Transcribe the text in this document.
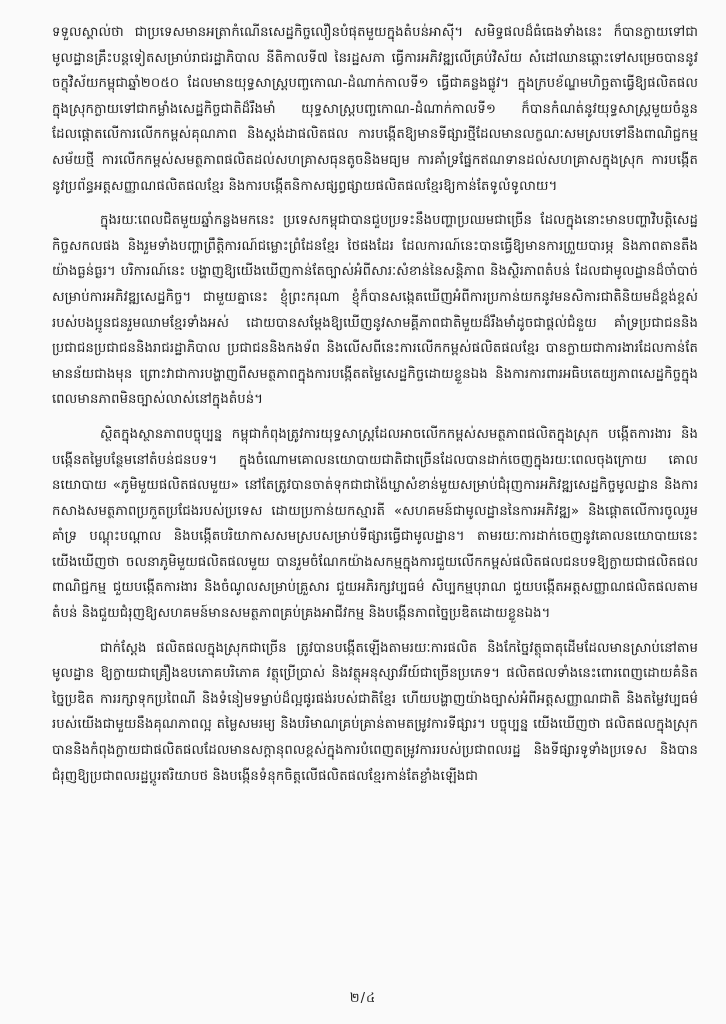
ទទួលស្គាល់ថា ជាប្រទេសមានអត្រាកំណើនសេដ្ឋកិច្ចលឿនបំផុតមួយក្នុងតំបន់អាស៊ី។ សមិទ្ធផលដ៏ធំធេងទាំងនេះ ក៏បានក្លាយទៅជាមូលដ្ឋានគ្រឹះបន្តទៀតសម្រាប់រាជរដ្ឋាភិបាល នីតិកាលទី៧ នៃរដ្ឋសភា ធ្វើការអភិវឌ្ឍលើគ្រប់វិស័យ សំដៅឈានឆ្ពោះទៅសម្រេចបាននូវចក្ខុវិស័យកម្ពុជាឆ្នាំ២០៥០ ដែលមានយុទ្ធសាស្ត្របញ្ចកោណ-ដំណាក់កាលទី១ ធ្វើជាគន្លងផ្លូវ។ ក្នុងក្របខ័ណ្ឌមហិច្ឆតាធ្វើឱ្យផលិតផលក្នុងស្រុកក្លាយទៅជាកម្លាំងសេដ្ឋកិច្ចជាតិដ៏រឹងមាំ យុទ្ធសាស្ត្របញ្ចកោណ-ដំណាក់កាលទី១ ក៏បានកំណត់នូវយុទ្ធសាស្ត្រមួយចំនួនដែលផ្តោតលើការលើកកម្ពស់គុណភាព និងស្តង់ដាផលិតផល ការបង្កើតឱ្យមានទីផ្សារថ្មីដែលមានលក្ខណៈសមស្របទៅនឹងពាណិជ្ជកម្មសម័យថ្មី ការលើកកម្ពស់សមត្ថភាពផលិតដល់សហគ្រាសធុនតូចនិងមធ្យម ការគាំទ្រផ្នែកឥណទានដល់សហគ្រាសក្នុងស្រុក ការបង្កើតនូវប្រព័ន្ធអត្តសញ្ញាណផលិតផលខ្មែរ និងការបង្កើតនិកាសផ្សព្វផ្សាយផលិតផលខ្មែរឱ្យកាន់តែទូលំទូលាយ។

ក្នុងរយៈពេលជិតមួយឆ្នាំកន្លងមកនេះ ប្រទេសកម្ពុជាបានជួបប្រទះនឹងបញ្ហាប្រឈមជាច្រើន ដែលក្នុងនោះមានបញ្ហាវិបត្តិសេដ្ឋកិច្ចសកលផង និងរួមទាំងបញ្ហាព្រឹត្តិការណ៍ជម្លោះព្រំដែនខ្មែរ ថៃផងដែរ ដែលការណ៍នេះបានធ្វើឱ្យមានការព្រួយបារម្ភ និងភាពតានតឹងយ៉ាងធ្ងន់ធ្ងរ។ បរិការណ៍នេះ បង្ហាញឱ្យយើងឃើញកាន់តែច្បាស់អំពីសារៈសំខាន់នៃសន្តិភាព និងស្ថិរភាពតំបន់ ដែលជាមូលដ្ឋានដ៏ចាំបាច់សម្រាប់ការអភិវឌ្ឍសេដ្ឋកិច្ច។ ជាមួយគ្នានេះ ខ្ញុំព្រះករុណា ខ្ញុំក៏បានសង្កេតឃើញអំពីការប្រកាន់យកនូវមនសិការជាតិនិយមដ៏ខ្ពង់ខ្ពស់របស់បងប្អូនជនរួមឈាមខ្មែរទាំងអស់ ដោយបានសម្តែងឱ្យឃើញនូវសាមគ្គីភាពជាតិមួយដ៏រឹងមាំដូចជាផ្តល់ជំនួយ គាំទ្រប្រជាជននិងប្រជាជនប្រជាជននិងរាជរដ្ឋាភិបាល ប្រជាជននិងកងទ័ព និងលើសពីនេះការលើកកម្ពស់ផលិតផលខ្មែរ បានក្លាយជាការងារដែលកាន់តែមានន័យជាងមុន ព្រោះវាជាការបង្ហាញពីសមត្ថភាពក្នុងការបង្កើតតម្លៃសេដ្ឋកិច្ចដោយខ្លួនឯង និងការការពារអធិបតេយ្យភាពសេដ្ឋកិច្ចក្នុងពេលមានភាពមិនច្បាស់លាស់នៅក្នុងតំបន់។

ស្ថិតក្នុងស្ថានភាពបច្ចុប្បន្ន កម្ពុជាកំពុងត្រូវការយុទ្ធសាស្ត្រដែលអាចលើកកម្ពស់សមត្ថភាពផលិតក្នុងស្រុក បង្កើតការងារ និងបង្កើនតម្លៃបន្ថែមនៅតំបន់ជនបទ។ ក្នុងចំណោមគោលនយោបាយជាតិជាច្រើនដែលបានដាក់ចេញក្នុងរយៈពេលចុងក្រោយ គោលនយោបាយ «ភូមិមួយផលិតផលមួយ» នៅតែត្រូវបានចាត់ទុកជាជាង៉ៃឃ្លាសំខាន់មួយសម្រាប់ជំរុញការអភិវឌ្ឍសេដ្ឋកិច្ចមូលដ្ឋាន និងការកសាងសមត្ថភាពប្រកួតប្រជែងរបស់ប្រទេស ដោយប្រកាន់យកស្មារតី «សហគមន៍ជាមូលដ្ឋាននៃការអភិវឌ្ឍ» និងផ្តោតលើការចូលរួមគាំទ្រ បណ្តុះបណ្តាល និងបង្កើតបរិយាកាសសមស្របសម្រាប់ទីផ្សារធ្វើជាមូលដ្ឋាន។ តាមរយៈការដាក់ចេញនូវគោលនយោបាយនេះ យើងឃើញថា ចលនាភូមិមួយផលិតផលមួយ បានរួមចំណែកយ៉ាងសកម្មក្នុងការជួយលើកកម្ពស់ផលិតផលជនបទឱ្យក្លាយជាផលិតផលពាណិជ្ជកម្ម ជួយបង្កើតការងារ និងចំណូលសម្រាប់គ្រួសារ ជួយអភិរក្សវប្បធម៌ សិប្បកម្មបុរាណ ជួយបង្កើតអត្តសញ្ញាណផលិតផលតាមតំបន់ និងជួយជំរុញឱ្យសហគមន៍មានសមត្ថភាពគ្រប់គ្រងអាជីវកម្ម និងបង្កើនភាពច្នៃប្រឌិតដោយខ្លួនឯង។

ជាក់ស្តែង ផលិតផលក្នុងស្រុកជាច្រើន ត្រូវបានបង្កើតឡើងតាមរយៈការផលិត និងកែច្នៃវត្ថុធាតុដើមដែលមានស្រាប់នៅតាមមូលដ្ឋាន ឱ្យក្លាយជាគ្រឿងឧបភោគបរិភោគ វត្ថុប្រើប្រាស់ និងវត្ថុអនុស្សាវរីយ៍ជាច្រើនប្រភេទ។ ផលិតផលទាំងនេះពោរពេញដោយគំនិតច្នៃប្រឌិត ការរក្សាទុកប្រពៃណី និងទំនៀមទម្លាប់ដ៏ល្អផូរផង់របស់ជាតិខ្មែរ ហើយបង្ហាញយ៉ាងច្បាស់អំពីអត្តសញ្ញាណជាតិ និងតម្លៃវប្បធម៌របស់យើងជាមួយនឹងគុណភាពល្អ តម្លៃសមរម្យ និងបរិមាណគ្រប់គ្រាន់តាមតម្រូវការទីផ្សារ។ បច្ចុប្បន្ន យើងឃើញថា ផលិតផលក្នុងស្រុកបាននិងកំពុងក្លាយជាផលិតផលដែលមានសក្តានុពលខ្ពស់ក្នុងការបំពេញតម្រូវការរបស់ប្រជាពលរដ្ឋ និងទីផ្សារទូទាំងប្រទេស និងបានជំរុញឱ្យប្រជាពលរដ្ឋប្តូរឥរិយាបថ និងបង្កើនទំនុកចិត្តលើផលិតផលខ្មែរកាន់តែខ្លាំងឡើងជា

២/៤
